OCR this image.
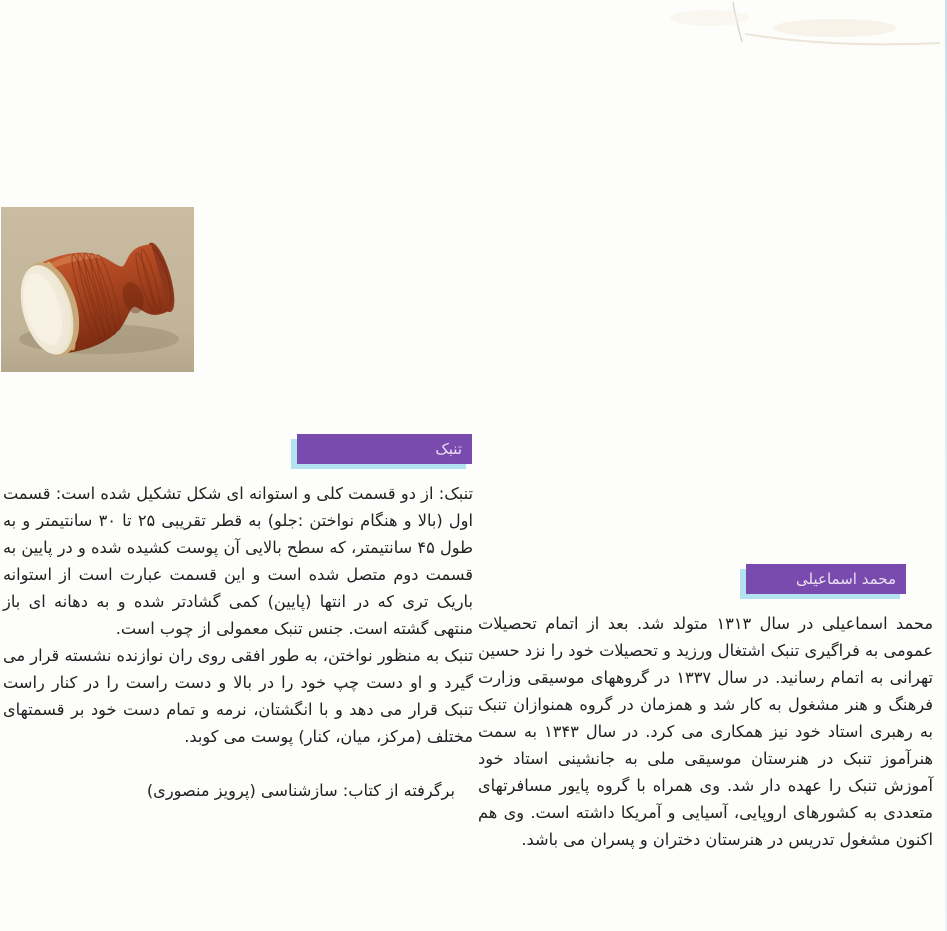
تنبک
محمد اسماعیلی

تنبک: از دو قسمت کلی و استوانه ای شکل تشکیل شده است: قسمت اول (بالا و هنگام نواختن :جلو) به قطر تقریبی ۲۵ تا ۳۰ سانتیمتر و به طول ۴۵ سانتیمتر، که سطح بالایی آن پوست کشیده شده و در پایین به قسمت دوم متصل شده است و این قسمت عبارت است از استوانه باریک تری که در انتها (پایین) کمی گشادتر شده و به دهانه ای باز منتهی گشته است. جنس تنبک معمولی از چوب است.

تنبک به منظور نواختن، به طور افقی روی ران نوازنده نشسته قرار می گیرد و او دست چپ خود را در بالا و دست راست را در کنار راست تنبک قرار می دهد و با انگشتان، نرمه و تمام دست خود بر قسمتهای مختلف (مرکز، میان، کنار) پوست می کوبد.

برگرفته از کتاب: سازشناسی (پرویز منصوری)

محمد اسماعیلی در سال ۱۳۱۳ متولد شد. بعد از اتمام تحصیلات عمومی به فراگیری تنبک اشتغال ورزید و تحصیلات خود را نزد حسین تهرانی به اتمام رسانید. در سال ۱۳۳۷ در گروههای موسیقی وزارت فرهنگ و هنر مشغول به کار شد و همزمان در گروه همنوازان تنبک به رهبری استاد خود نیز همکاری می کرد. در سال ۱۳۴۳ به سمت هنرآموز تنبک در هنرستان موسیقی ملی به جانشینی استاد خود آموزش تنبک را عهده دار شد. وی همراه با گروه پایور مسافرتهای متعددی به کشورهای اروپایی، آسیایی و آمریکا داشته است. وی هم اکنون مشغول تدریس در هنرستان دختران و پسران می باشد.
